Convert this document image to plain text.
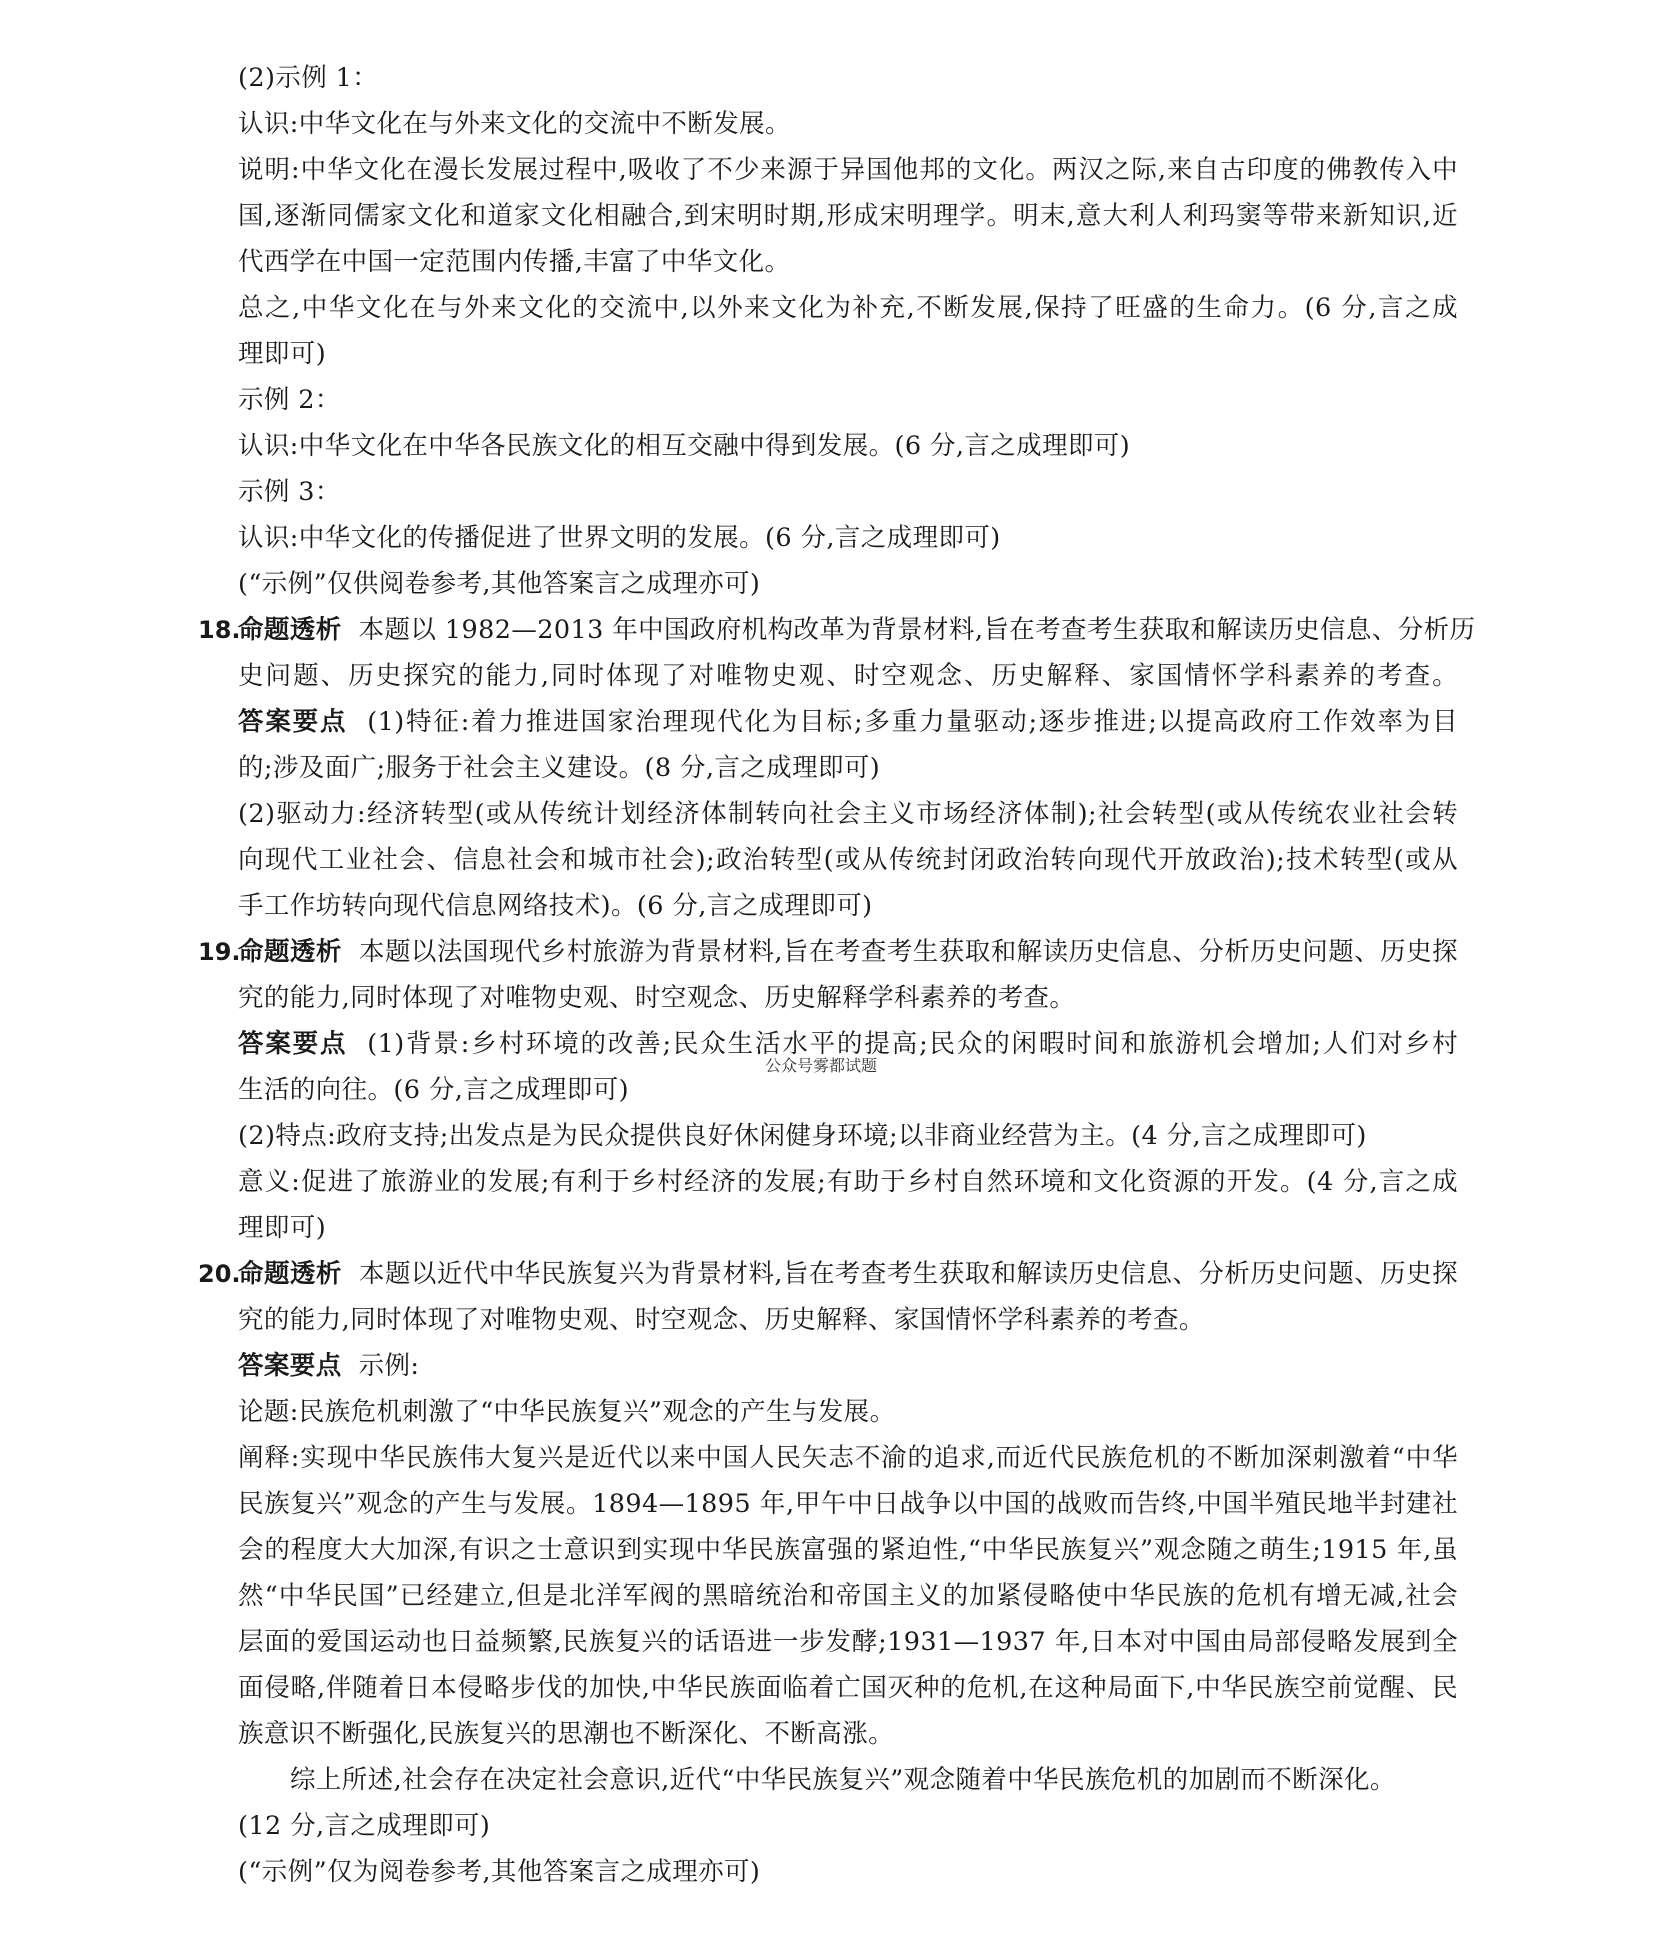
(2)示例 1：
认识:中华文化在与外来文化的交流中不断发展。
说明:中华文化在漫长发展过程中,吸收了不少来源于异国他邦的文化。两汉之际,来自古印度的佛教传入中
国,逐渐同儒家文化和道家文化相融合,到宋明时期,形成宋明理学。明末,意大利人利玛窦等带来新知识,近
代西学在中国一定范围内传播,丰富了中华文化。
总之,中华文化在与外来文化的交流中,以外来文化为补充,不断发展,保持了旺盛的生命力。(6 分,言之成
理即可)
示例 2：
认识:中华文化在中华各民族文化的相互交融中得到发展。(6 分,言之成理即可)
示例 3：
认识:中华文化的传播促进了世界文明的发展。(6 分,言之成理即可)
(“示例”仅供阅卷参考,其他答案言之成理亦可)
18.
命题透析 本题以 1982—2013 年中国政府机构改革为背景材料,旨在考查考生获取和解读历史信息、分析历
史问题、历史探究的能力,同时体现了对唯物史观、时空观念、历史解释、家国情怀学科素养的考查。
答案要点 (1)特征:着力推进国家治理现代化为目标;多重力量驱动;逐步推进;以提高政府工作效率为目
的;涉及面广;服务于社会主义建设。(8 分,言之成理即可)
(2)驱动力:经济转型(或从传统计划经济体制转向社会主义市场经济体制);社会转型(或从传统农业社会转
向现代工业社会、信息社会和城市社会);政治转型(或从传统封闭政治转向现代开放政治);技术转型(或从
手工作坊转向现代信息网络技术)。(6 分,言之成理即可)
19.
命题透析 本题以法国现代乡村旅游为背景材料,旨在考查考生获取和解读历史信息、分析历史问题、历史探
究的能力,同时体现了对唯物史观、时空观念、历史解释学科素养的考查。
答案要点 (1)背景:乡村环境的改善;民众生活水平的提高;民众的闲暇时间和旅游机会增加;人们对乡村
生活的向往。(6 分,言之成理即可)
公众号雾都试题
(2)特点:政府支持;出发点是为民众提供良好休闲健身环境;以非商业经营为主。(4 分,言之成理即可)
意义:促进了旅游业的发展;有利于乡村经济的发展;有助于乡村自然环境和文化资源的开发。(4 分,言之成
理即可)
20.
命题透析 本题以近代中华民族复兴为背景材料,旨在考查考生获取和解读历史信息、分析历史问题、历史探
究的能力,同时体现了对唯物史观、时空观念、历史解释、家国情怀学科素养的考查。
答案要点 示例:
论题:民族危机刺激了“中华民族复兴”观念的产生与发展。
阐释:实现中华民族伟大复兴是近代以来中国人民矢志不渝的追求,而近代民族危机的不断加深刺激着“中华
民族复兴”观念的产生与发展。1894—1895 年,甲午中日战争以中国的战败而告终,中国半殖民地半封建社
会的程度大大加深,有识之士意识到实现中华民族富强的紧迫性,“中华民族复兴”观念随之萌生;1915 年,虽
然“中华民国”已经建立,但是北洋军阀的黑暗统治和帝国主义的加紧侵略使中华民族的危机有增无减,社会
层面的爱国运动也日益频繁,民族复兴的话语进一步发酵;1931—1937 年,日本对中国由局部侵略发展到全
面侵略,伴随着日本侵略步伐的加快,中华民族面临着亡国灭种的危机,在这种局面下,中华民族空前觉醒、民
族意识不断强化,民族复兴的思潮也不断深化、不断高涨。
综上所述,社会存在决定社会意识,近代“中华民族复兴”观念随着中华民族危机的加剧而不断深化。
(12 分,言之成理即可)
(“示例”仅为阅卷参考,其他答案言之成理亦可)
